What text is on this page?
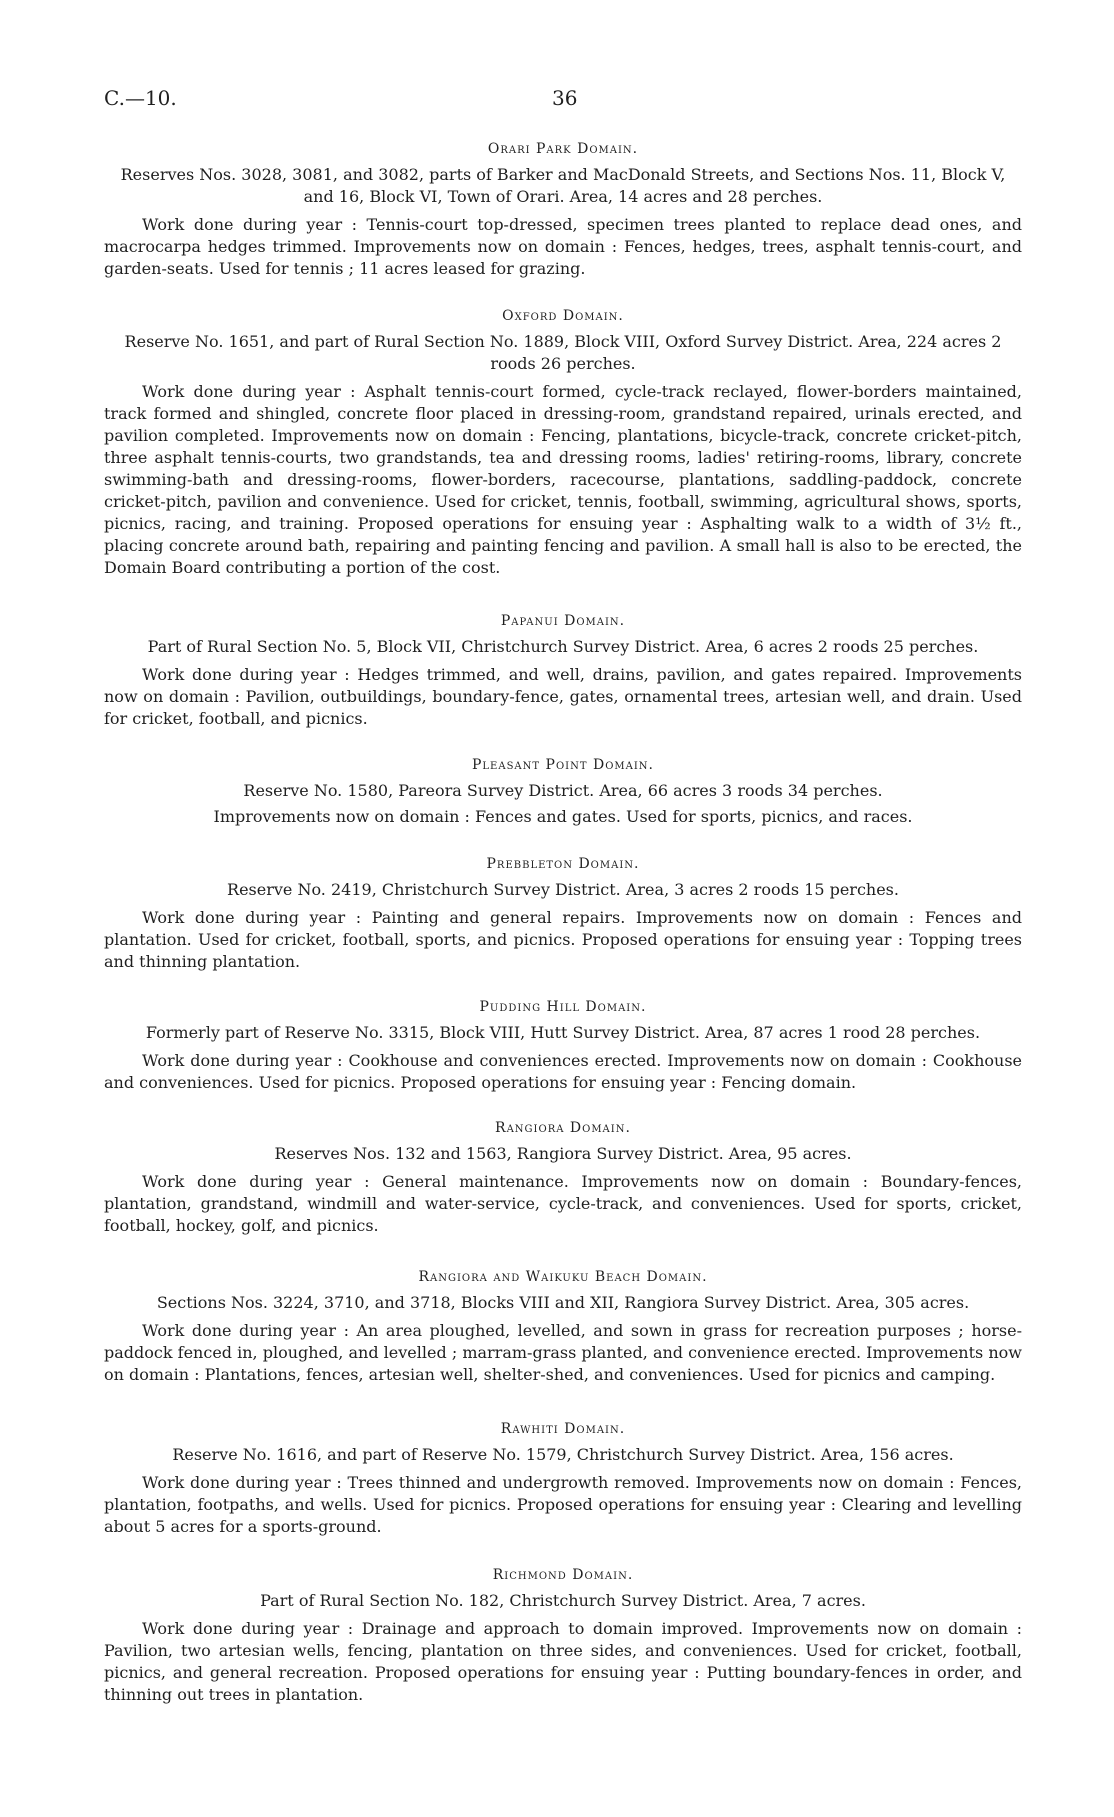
C.—10.	36
Orari Park Domain.

Reserves Nos. 3028, 3081, and 3082, parts of Barker and MacDonald Streets, and Sections Nos. 11, Block V, and 16, Block VI, Town of Orari. Area, 14 acres and 28 perches.

Work done during year : Tennis-court top-dressed, specimen trees planted to replace dead ones, and macrocarpa hedges trimmed. Improvements now on domain : Fences, hedges, trees, asphalt tennis-court, and garden-seats. Used for tennis ; 11 acres leased for grazing.

Oxford Domain.

Reserve No. 1651, and part of Rural Section No. 1889, Block VIII, Oxford Survey District. Area, 224 acres 2 roods 26 perches.

Work done during year : Asphalt tennis-court formed, cycle-track reclayed, flower-borders maintained, track formed and shingled, concrete floor placed in dressing-room, grandstand repaired, urinals erected, and pavilion completed. Improvements now on domain : Fencing, plantations, bicycle-track, concrete cricket-pitch, three asphalt tennis-courts, two grandstands, tea and dressing rooms, ladies' retiring-rooms, library, concrete swimming-bath and dressing-rooms, flower-borders, racecourse, plantations, saddling-paddock, concrete cricket-pitch, pavilion and convenience. Used for cricket, tennis, football, swimming, agricultural shows, sports, picnics, racing, and training. Proposed operations for ensuing year : Asphalting walk to a width of 3½ ft., placing concrete around bath, repairing and painting fencing and pavilion. A small hall is also to be erected, the Domain Board contributing a portion of the cost.

Papanui Domain.

Part of Rural Section No. 5, Block VII, Christchurch Survey District. Area, 6 acres 2 roods 25 perches.

Work done during year : Hedges trimmed, and well, drains, pavilion, and gates repaired. Improvements now on domain : Pavilion, outbuildings, boundary-fence, gates, ornamental trees, artesian well, and drain. Used for cricket, football, and picnics.

Pleasant Point Domain.

Reserve No. 1580, Pareora Survey District. Area, 66 acres 3 roods 34 perches.

Improvements now on domain : Fences and gates. Used for sports, picnics, and races.

Prebbleton Domain.

Reserve No. 2419, Christchurch Survey District. Area, 3 acres 2 roods 15 perches.

Work done during year : Painting and general repairs. Improvements now on domain : Fences and plantation. Used for cricket, football, sports, and picnics. Proposed operations for ensuing year : Topping trees and thinning plantation.

Pudding Hill Domain.

Formerly part of Reserve No. 3315, Block VIII, Hutt Survey District. Area, 87 acres 1 rood 28 perches.

Work done during year : Cookhouse and conveniences erected. Improvements now on domain : Cookhouse and conveniences. Used for picnics. Proposed operations for ensuing year : Fencing domain.

Rangiora Domain.

Reserves Nos. 132 and 1563, Rangiora Survey District. Area, 95 acres.

Work done during year : General maintenance. Improvements now on domain : Boundary-fences, plantation, grandstand, windmill and water-service, cycle-track, and conveniences. Used for sports, cricket, football, hockey, golf, and picnics.

Rangiora and Waikuku Beach Domain.

Sections Nos. 3224, 3710, and 3718, Blocks VIII and XII, Rangiora Survey District. Area, 305 acres.

Work done during year : An area ploughed, levelled, and sown in grass for recreation purposes ; horse-paddock fenced in, ploughed, and levelled ; marram-grass planted, and convenience erected. Improvements now on domain : Plantations, fences, artesian well, shelter-shed, and conveniences. Used for picnics and camping.

Rawhiti Domain.

Reserve No. 1616, and part of Reserve No. 1579, Christchurch Survey District. Area, 156 acres.

Work done during year : Trees thinned and undergrowth removed. Improvements now on domain : Fences, plantation, footpaths, and wells. Used for picnics. Proposed operations for ensuing year : Clearing and levelling about 5 acres for a sports-ground.

Richmond Domain.

Part of Rural Section No. 182, Christchurch Survey District. Area, 7 acres.

Work done during year : Drainage and approach to domain improved. Improvements now on domain : Pavilion, two artesian wells, fencing, plantation on three sides, and conveniences. Used for cricket, football, picnics, and general recreation. Proposed operations for ensuing year : Putting boundary-fences in order, and thinning out trees in plantation.
